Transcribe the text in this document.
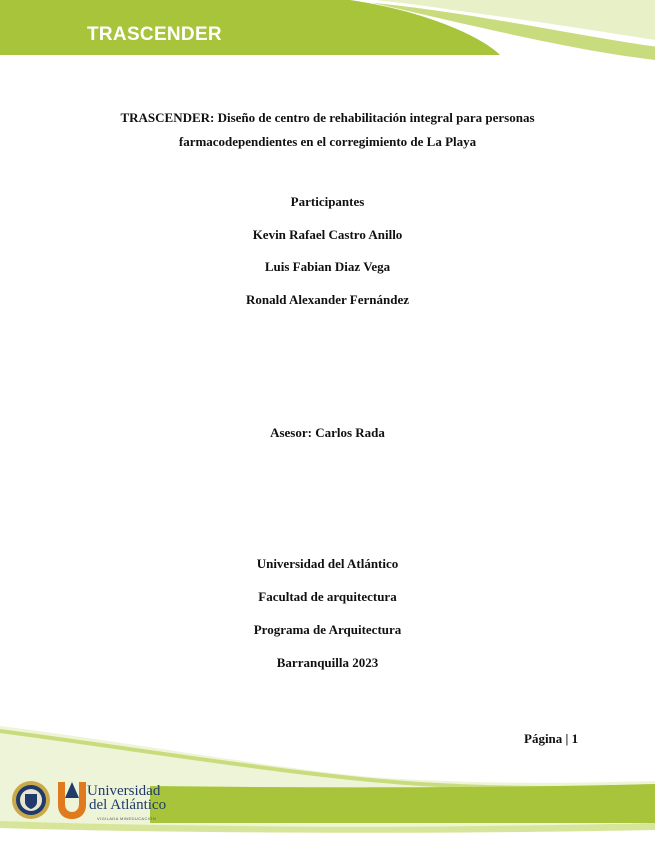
TRASCENDER
TRASCENDER: Diseño de centro de rehabilitación integral para personas
farmacodependientes en el corregimiento de La Playa
Participantes
Kevin Rafael Castro Anillo
Luis Fabian Diaz Vega
Ronald Alexander Fernández
Asesor: Carlos Rada
Universidad del Atlántico
Facultad de arquitectura
Programa de Arquitectura
Barranquilla 2023
Página | 1
Universidad
del Atlántico
VIGILADA MINEDUCACIÓN
